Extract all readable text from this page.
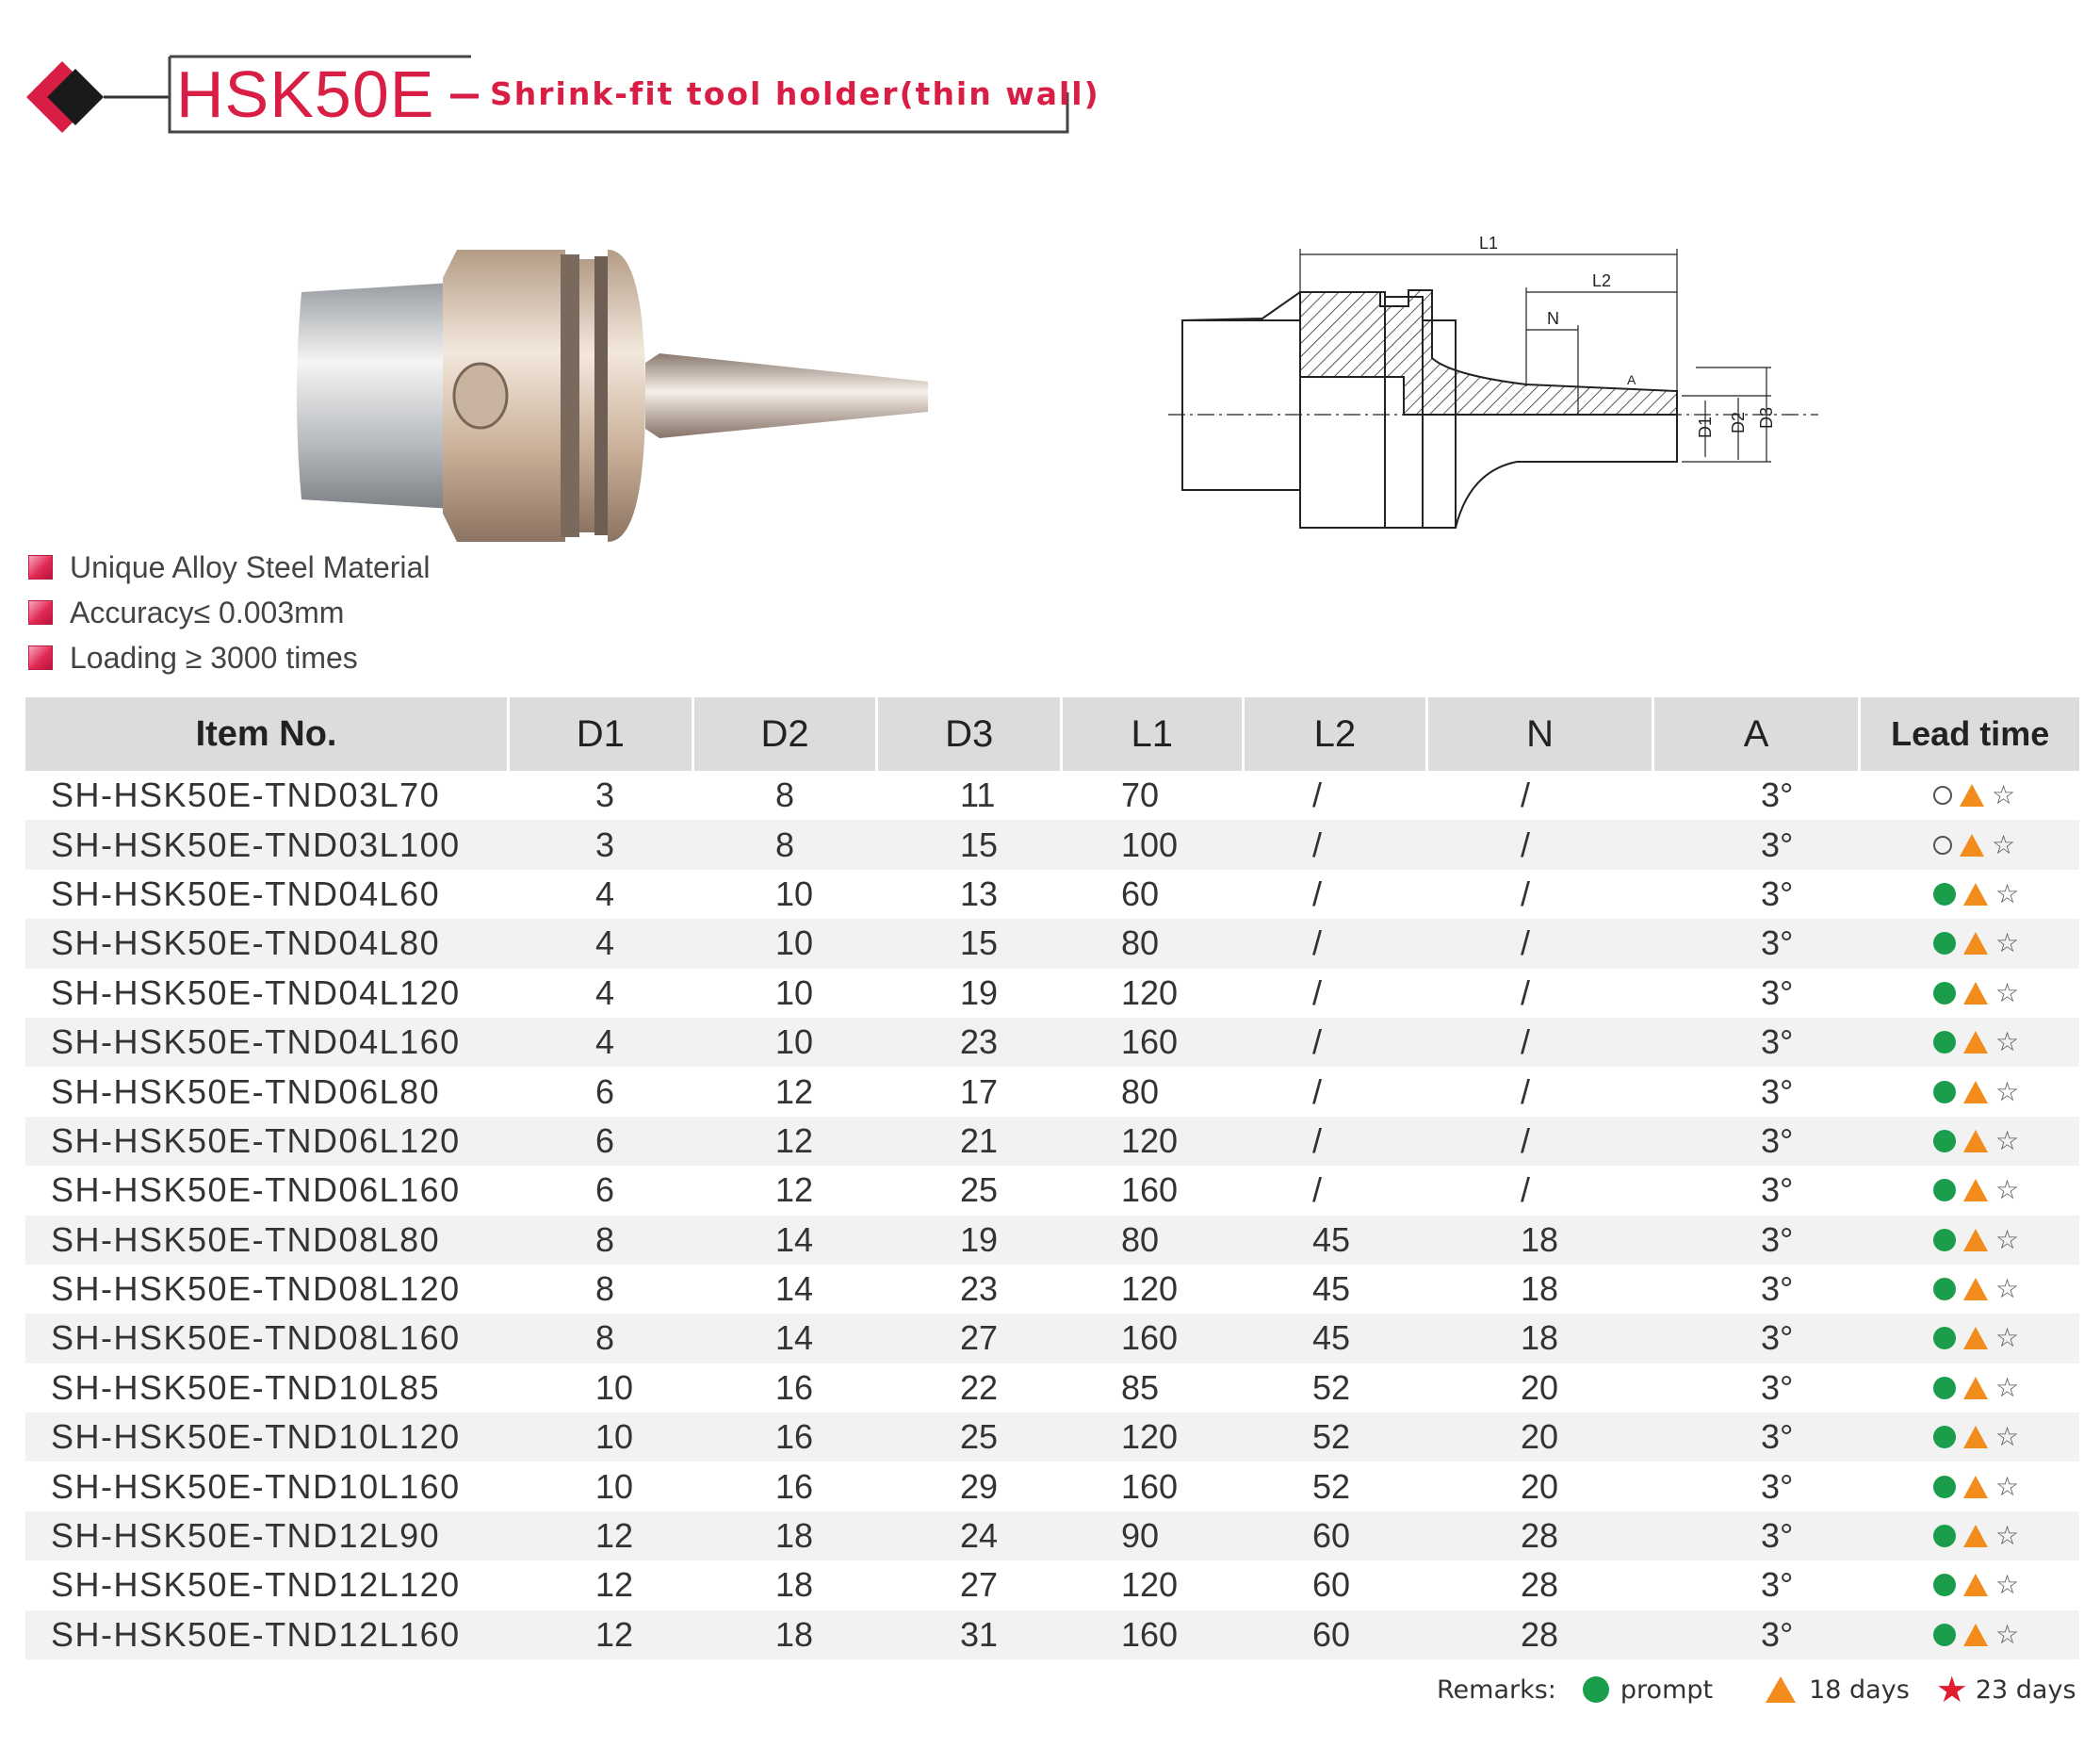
HSK50E Shrink-fit tool holder(thin wall)
L1
L2
N
A
D1 D2 D3
Unique Alloy Steel Material
Accuracy≤ 0.003mm
Loading ≥ 3000 times
Item No.	D1	D2	D3	L1	L2	N	A	Lead time
SH-HSK50E-TND03L70	3	8	11	70	/	/	3°	☆
SH-HSK50E-TND03L100	3	8	15	100	/	/	3°	☆
SH-HSK50E-TND04L60	4	10	13	60	/	/	3°	☆
SH-HSK50E-TND04L80	4	10	15	80	/	/	3°	☆
SH-HSK50E-TND04L120	4	10	19	120	/	/	3°	☆
SH-HSK50E-TND04L160	4	10	23	160	/	/	3°	☆
SH-HSK50E-TND06L80	6	12	17	80	/	/	3°	☆
SH-HSK50E-TND06L120	6	12	21	120	/	/	3°	☆
SH-HSK50E-TND06L160	6	12	25	160	/	/	3°	☆
SH-HSK50E-TND08L80	8	14	19	80	45	18	3°	☆
SH-HSK50E-TND08L120	8	14	23	120	45	18	3°	☆
SH-HSK50E-TND08L160	8	14	27	160	45	18	3°	☆
SH-HSK50E-TND10L85	10	16	22	85	52	20	3°	☆
SH-HSK50E-TND10L120	10	16	25	120	52	20	3°	☆
SH-HSK50E-TND10L160	10	16	29	160	52	20	3°	☆
SH-HSK50E-TND12L90	12	18	24	90	60	28	3°	☆
SH-HSK50E-TND12L120	12	18	27	120	60	28	3°	☆
SH-HSK50E-TND12L160	12	18	31	160	60	28	3°	☆
Remarks:	prompt	18 days ★ 23 days
